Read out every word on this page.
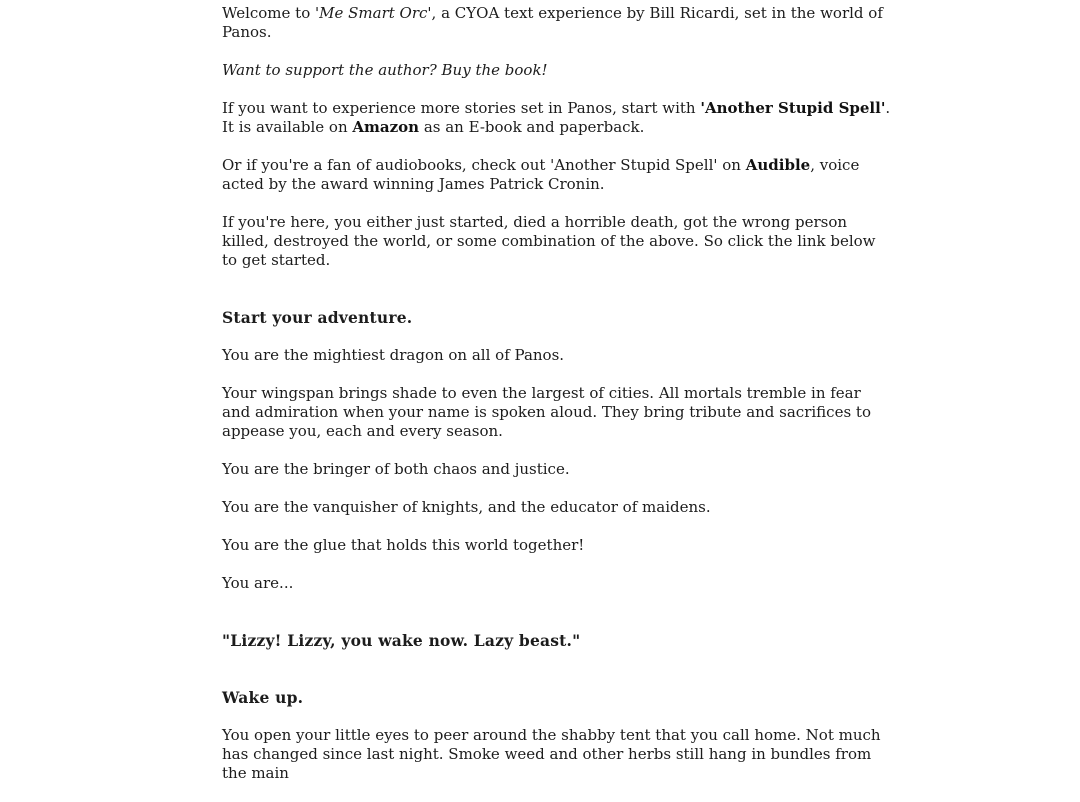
Welcome to 'Me Smart Orc', a CYOA text experience by Bill Ricardi, set in the world of Panos.

Want to support the author? Buy the book!

If you want to experience more stories set in Panos, start with 'Another Stupid Spell'. It is available on Amazon as an E-book and paperback.

Or if you're a fan of audiobooks, check out 'Another Stupid Spell' on Audible, voice acted by the award winning James Patrick Cronin.

If you're here, you either just started, died a horrible death, got the wrong person killed, destroyed the world, or some combination of the above. So click the link below to get started.

Start your adventure.

You are the mightiest dragon on all of Panos.

Your wingspan brings shade to even the largest of cities. All mortals tremble in fear and admiration when your name is spoken aloud. They bring tribute and sacrifices to appease you, each and every season.

You are the bringer of both chaos and justice.

You are the vanquisher of knights, and the educator of maidens.

You are the glue that holds this world together!

You are...

"Lizzy! Lizzy, you wake now. Lazy beast."
Wake up.

You open your little eyes to peer around the shabby tent that you call home. Not much has changed since last night. Smoke weed and other herbs still hang in bundles from the main
